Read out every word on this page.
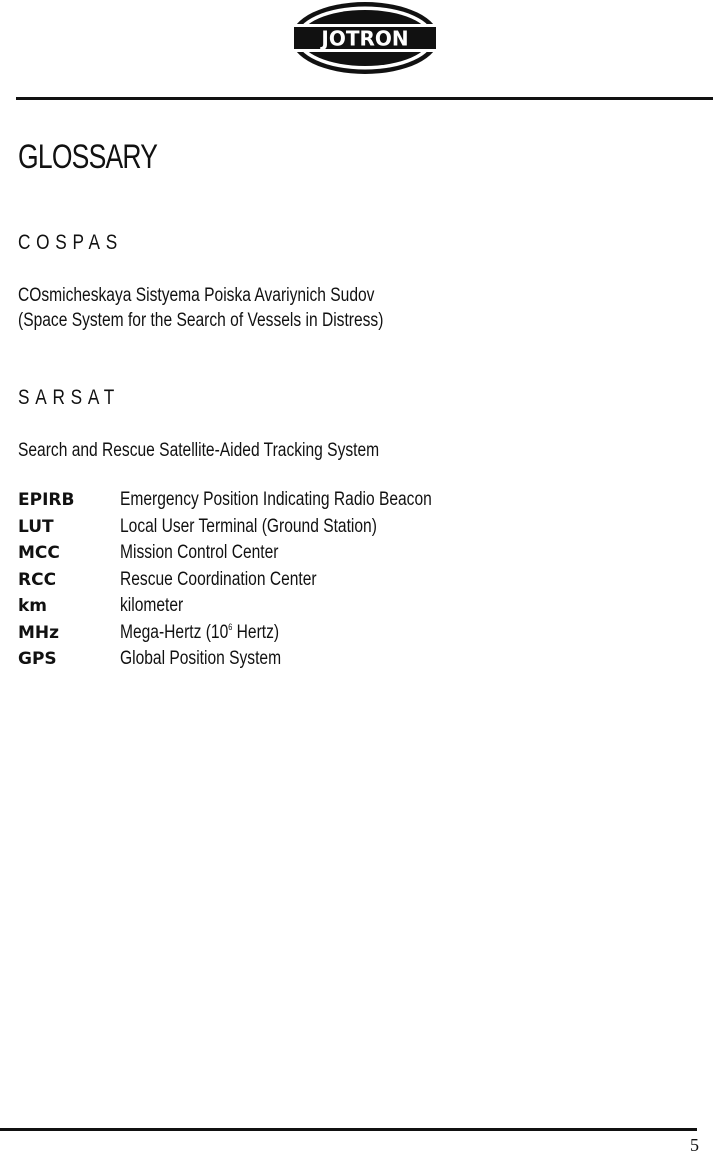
JOTRON
GLOSSARY
COSPAS
COsmicheskaya Sistyema Poiska Avariynich Sudov
(Space System for the Search of Vessels in Distress)
SARSAT
Search and Rescue Satellite-Aided Tracking System
EPIRB Emergency Position Indicating Radio Beacon
LUT	Local User Terminal (Ground Station)
MCC	Mission Control Center
RCC	Rescue Coordination Center
km	kilometer
MHz	Mega-Hertz ($10^6$ Hertz)
GPS	Global Position System
5
